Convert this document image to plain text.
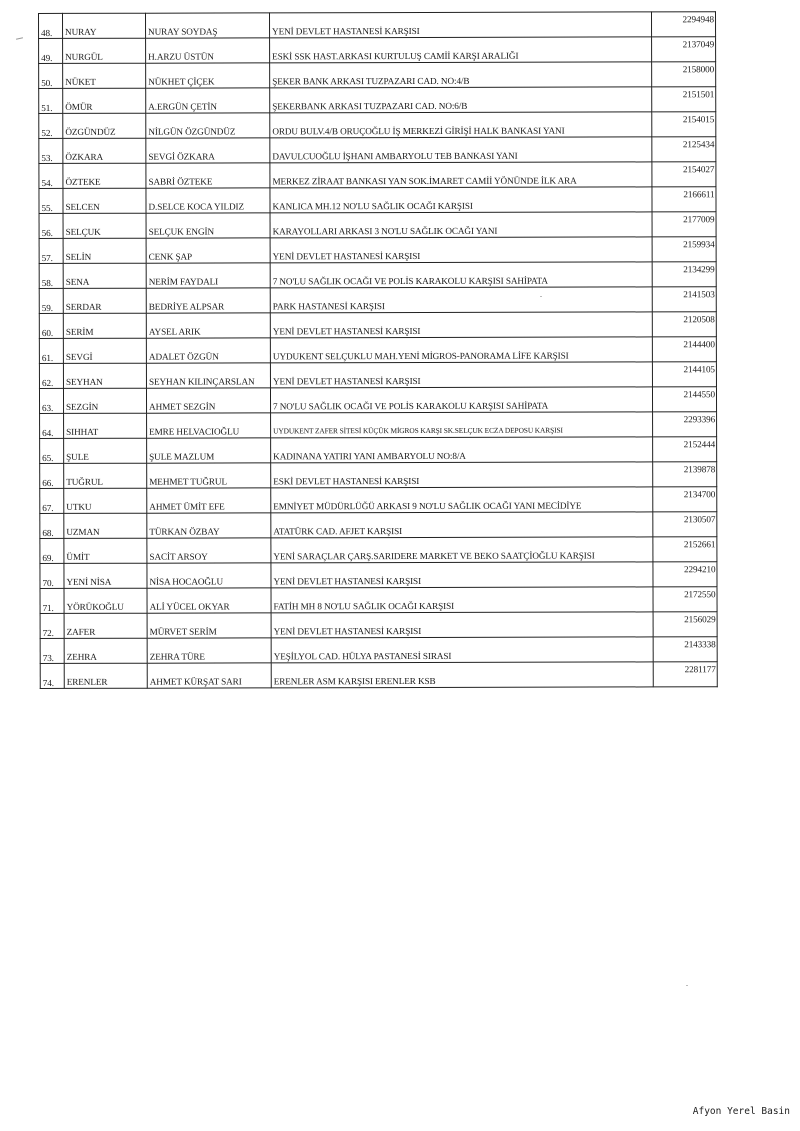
48.	NURAY	NURAY SOYDAŞ	YENİ DEVLET HASTANESİ KARŞISI	2294948
49.	NURGÜL	H.ARZU ÜSTÜN	ESKİ SSK HAST.ARKASI KURTULUŞ CAMİİ KARŞI ARALIĞI	2137049
50.	NÜKET	NÜKHET ÇİÇEK	ŞEKER BANK ARKASI TUZPAZARI CAD. NO:4/B	2158000
51.	ÖMÜR	A.ERGÜN ÇETİN	ŞEKERBANK ARKASI TUZPAZARI CAD. NO:6/B	2151501
52.	ÖZGÜNDÜZ	NİLGÜN ÖZGÜNDÜZ	ORDU BULV.4/B ORUÇOĞLU İŞ MERKEZİ GİRİŞİ HALK BANKASI YANI	2154015
53.	ÖZKARA	SEVGİ ÖZKARA	DAVULCUOĞLU İŞHANI AMBARYOLU TEB BANKASI YANI	2125434
54.	ÖZTEKE	SABRİ ÖZTEKE	MERKEZ ZİRAAT BANKASI YAN SOK.İMARET CAMİİ YÖNÜNDE İLK ARA	2154027
55.	SELCEN	D.SELCE KOCA YILDIZ	KANLICA MH.12 NO'LU SAĞLIK OCAĞI KARŞISI	2166611
56.	SELÇUK	SELÇUK ENGİN	KARAYOLLARI ARKASI 3 NO'LU SAĞLIK OCAĞI YANI	2177009
57.	SELİN	CENK ŞAP	YENİ DEVLET HASTANESİ KARŞISI	2159934
58.	SENA	NERİM FAYDALI	7 NO'LU SAĞLIK OCAĞI VE POLİS KARAKOLU KARŞISI SAHİPATA	2134299
59.	SERDAR	BEDRİYE ALPSAR	PARK HASTANESİ KARŞISI	2141503
60.	SERİM	AYSEL ARIK	YENİ DEVLET HASTANESİ KARŞISI	2120508
61.	SEVGİ	ADALET ÖZGÜN	UYDUKENT SELÇUKLU MAH.YENİ MİGROS-PANORAMA LİFE KARŞISI	2144400
62.	SEYHAN	SEYHAN KILINÇARSLAN	YENİ DEVLET HASTANESİ KARŞISI	2144105
63.	SEZGİN	AHMET SEZGİN	7 NO'LU SAĞLIK OCAĞI VE POLİS KARAKOLU KARŞISI SAHİPATA	2144550
64.	SIHHAT	EMRE HELVACIOĞLU	UYDUKENT ZAFER SİTESİ KÜÇÜK MİGROS KARŞI SK.SELÇUK ECZA DEPOSU KARŞISI	2293396
65.	ŞULE	ŞULE MAZLUM	KADINANA YATIRI YANI AMBARYOLU NO:8/A	2152444
66.	TUĞRUL	MEHMET TUĞRUL	ESKİ DEVLET HASTANESİ KARŞISI	2139878
67.	UTKU	AHMET ÜMİT EFE	EMNİYET MÜDÜRLÜĞÜ ARKASI 9 NO'LU SAĞLIK OCAĞI YANI MECİDİYE	2134700
68.	UZMAN	TÜRKAN ÖZBAY	ATATÜRK CAD. AFJET KARŞISI	2130507
69.	ÜMİT	SACİT ARSOY	YENİ SARAÇLAR ÇARŞ.SARIDERE MARKET VE BEKO SAATÇİOĞLU KARŞISI	2152661
70.	YENİ NİSA	NİSA HOCAOĞLU	YENİ DEVLET HASTANESİ KARŞISI	2294210
71.	YÖRÜKOĞLU	ALİ YÜCEL OKYAR	FATİH MH 8 NO'LU SAĞLIK OCAĞI KARŞISI	2172550
72.	ZAFER	MÜRVET SERİM	YENİ DEVLET HASTANESİ KARŞISI	2156029
73.	ZEHRA	ZEHRA TÜRE	YEŞİLYOL CAD. HÜLYA PASTANESİ SIRASI	2143338
74.	ERENLER	AHMET KÜRŞAT SARI	ERENLER ASM KARŞISI ERENLER KSB	2281177
Afyon Yerel Basin
